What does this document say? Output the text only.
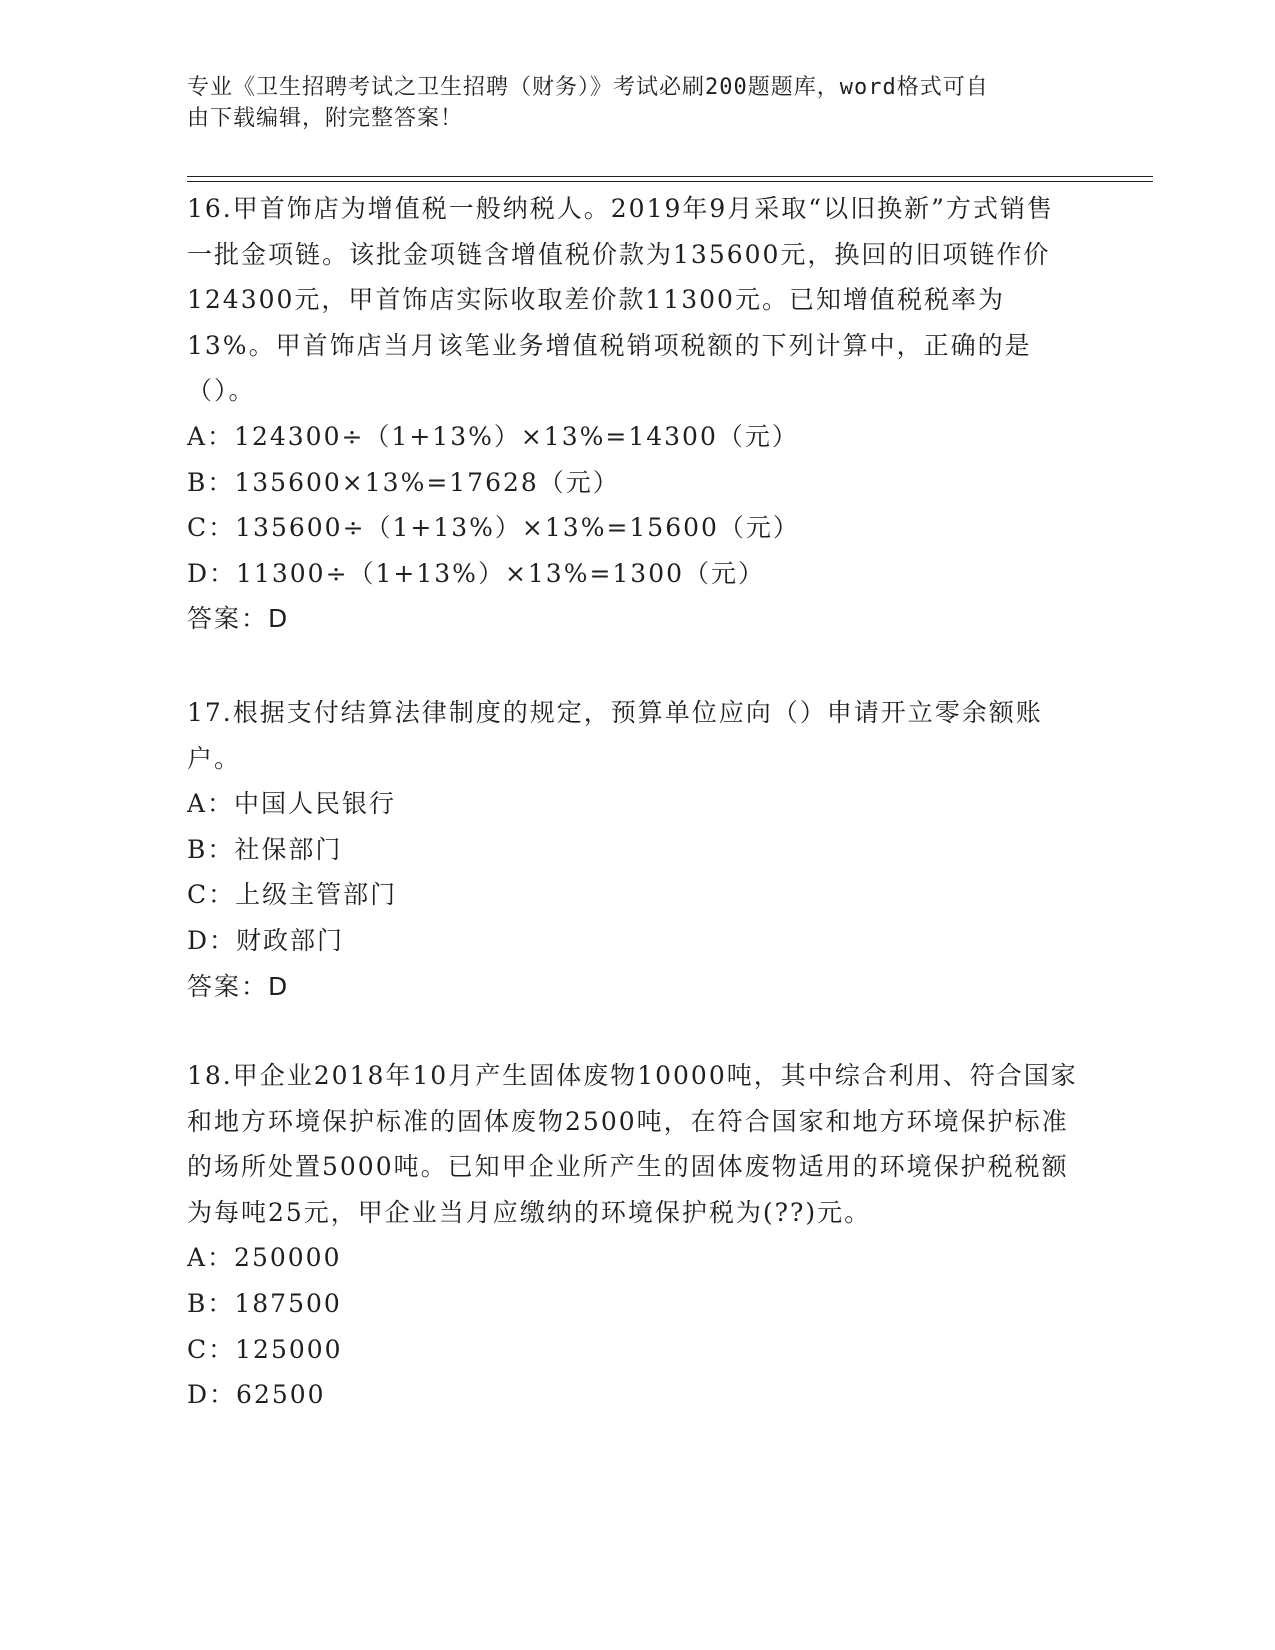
专业《卫生招聘考试之卫生招聘（财务）》考试必刷200题题库，word格式可自
由下载编辑，附完整答案！

16.甲首饰店为增值税一般纳税人。2019年9月采取“以旧换新”方式销售一批金项链。该批金项链含增值税价款为135600元，换回的旧项链作价124300元，甲首饰店实际收取差价款11300元。已知增值税税率为13%。甲首饰店当月该笔业务增值税销项税额的下列计算中，正确的是（）。

A：124300÷（1+13%）×13%=14300（元）

B：135600×13%=17628（元）

C：135600÷（1+13%）×13%=15600（元）

D：11300÷（1+13%）×13%=1300（元）

答案：D

17.根据支付结算法律制度的规定，预算单位应向（）申请开立零余额账户。

A：中国人民银行

B：社保部门

C：上级主管部门

D：财政部门

答案：D

18.甲企业2018年10月产生固体废物10000吨，其中综合利用、符合国家和地方环境保护标准的固体废物2500吨，在符合国家和地方环境保护标准的场所处置5000吨。已知甲企业所产生的固体废物适用的环境保护税税额为每吨25元，甲企业当月应缴纳的环境保护税为(??)元。

A：250000

B：187500

C：125000

D：62500
